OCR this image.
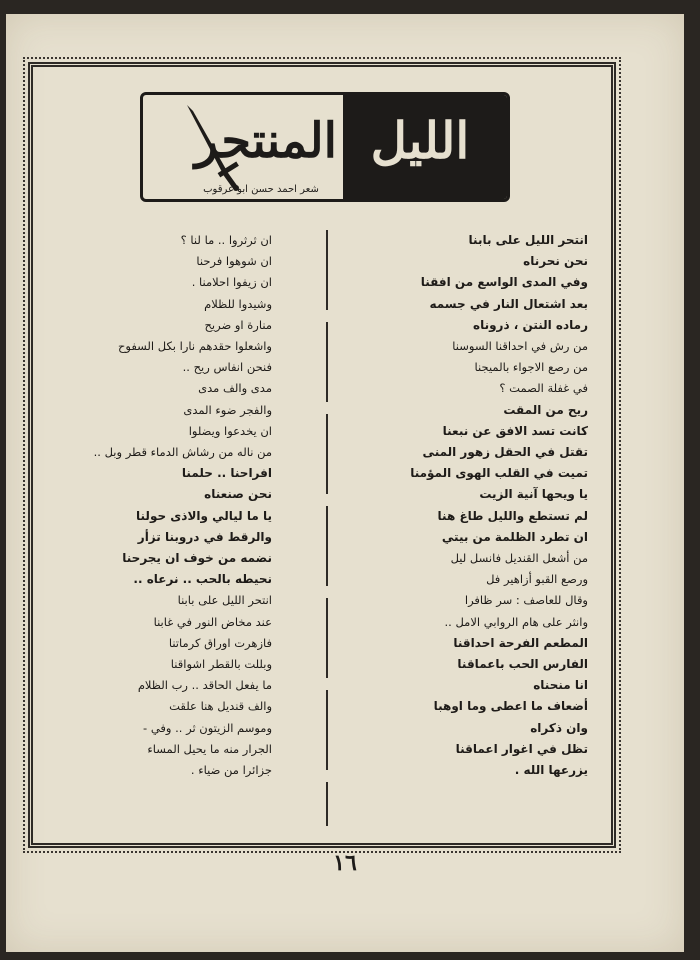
الليل
المنتحر
شعر احمد حسن ابو عرقوب
انتحر الليل على بابنا
نحن نحرناه
وفي المدى الواسع من افقنا
بعد اشتعال النار في جسمه
رماده النتن ، ذروناه
من رش في احداقنا السوسنا
من رصع الاجواء بالميجنا
في غفلة الصمت ؟
ريح من المقت
كانت تسد الافق عن نبعنا
تقتل في الحقل زهور المنى
تميت في القلب الهوى المؤمنا
يا ويحها آنية الزيت
لم تستطع والليل طاغ هنا
ان تطرد الظلمة من بيتي
من أشعل القنديل فانسل ليل
ورصع القبو أزاهير فل
وقال للعاصف : سر ظافرا
وانثر على هام الروابي الامل ..
المطعم الفرحة احداقنا
الفارس الحب باعماقنا
انا منحناه
أضعاف ما اعطى وما اوهبا
وان ذكراه
تظل في اغوار اعماقنا
يزرعها الله .
ان ثرثروا .. ما لنا ؟
ان شوهوا فرحنا
ان زيفوا احلامنا .
وشيدوا للظلام
منارة او ضريح
واشعلوا حقدهم نارا بكل السفوح
فنحن انفاس ريح ..
مدى والف مدى
والفجر ضوء المدى
ان يخدعوا ويضلوا
من ناله من رشاش الدماء قطر وبل ..
افراحنا .. حلمنا
نحن صنعناه
يا ما ليالي والاذى حولنا
والرقط في دروبنا تزأر
نضمه من خوف ان يجرحنا
نحيطه بالحب .. نرعاه ..
انتحر الليل على بابنا
عند مخاض النور في غابنا
فازهرت اوراق كرماتنا
وبللت بالقطر اشواقنا
ما يفعل الحاقد .. رب الظلام
والف قنديل هنا علقت
وموسم الزيتون ثر .. وفي -
الجرار منه ما يحيل المساء
جزائرا من ضياء .
١٦
